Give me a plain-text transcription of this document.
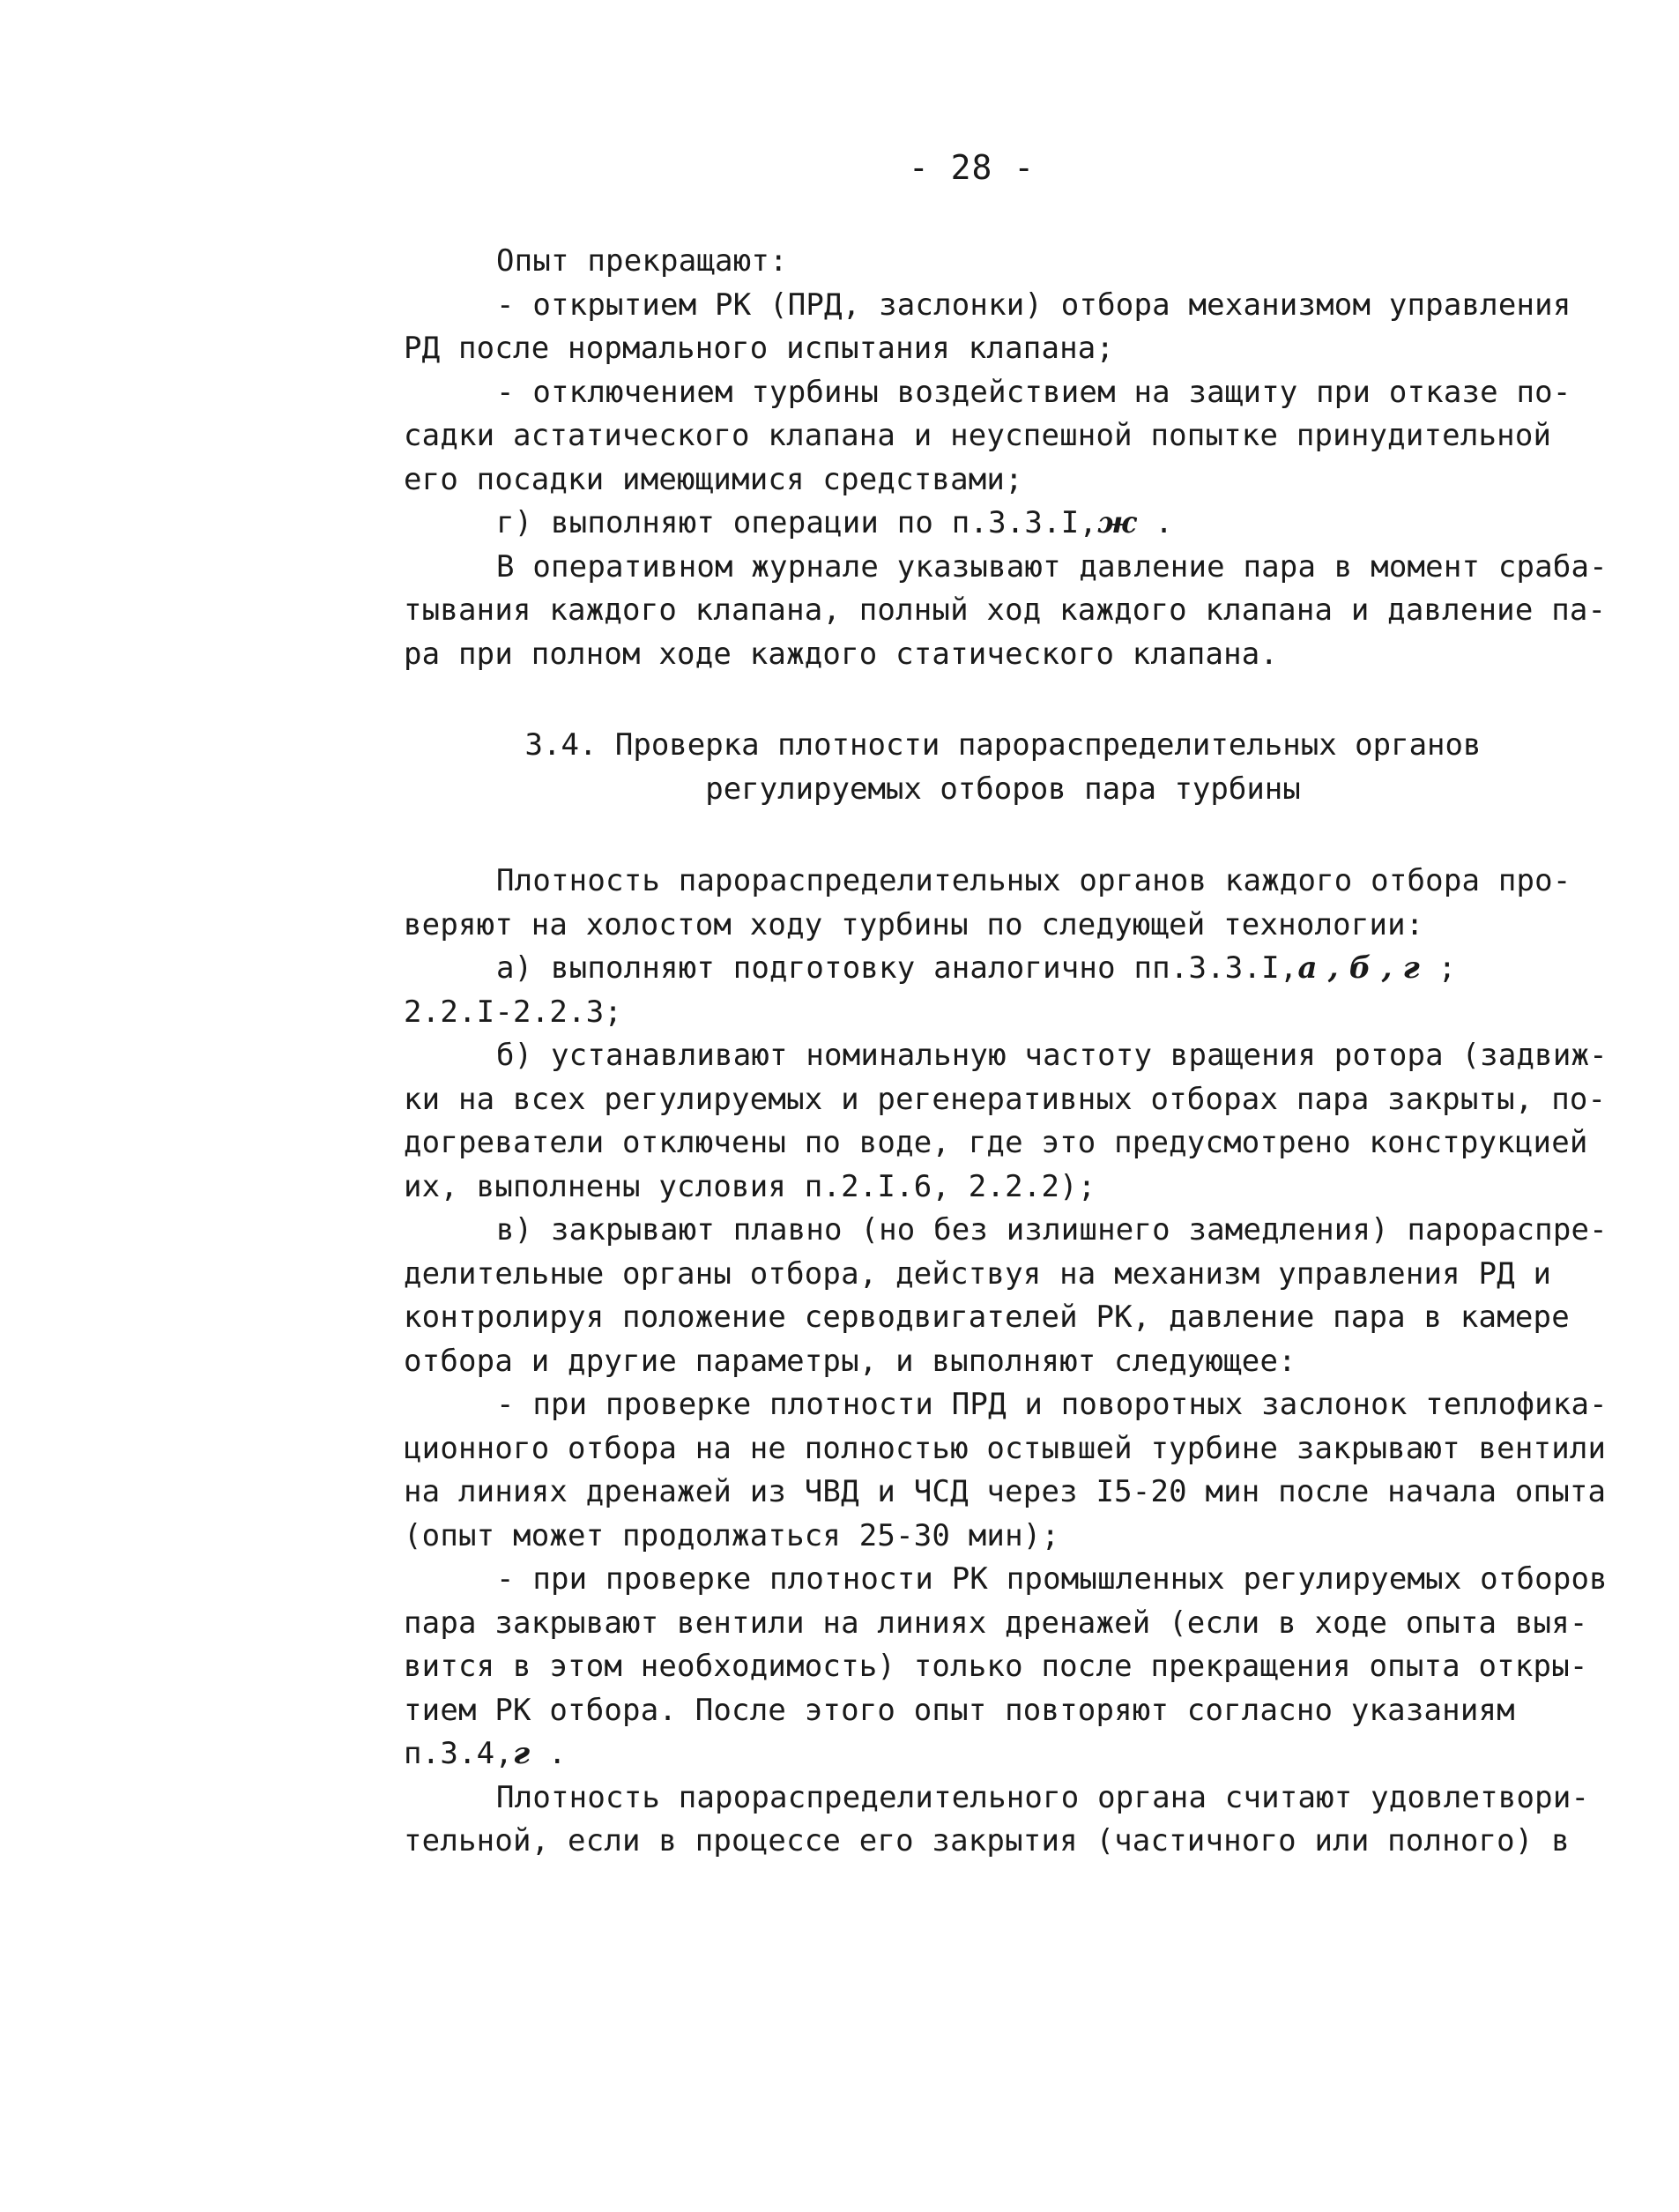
- 28 -
Опыт прекращают:
- открытием РК (ПРД, заслонки) отбора механизмом управления
РД после нормального испытания клапана;
- отключением турбины воздействием на защиту при отказе по-
садки астатического клапана и неуспешной попытке принудительной
его посадки имеющимися средствами;
г) выполняют операции по п.3.3.I,ж .
В оперативном журнале указывают давление пара в момент сраба-
тывания каждого клапана, полный ход каждого клапана и давление па-
ра при полном ходе каждого статического клапана.
3.4. Проверка плотности парораспределительных органов
регулируемых отборов пара турбины
Плотность парораспределительных органов каждого отбора про-
веряют на холостом ходу турбины по следующей технологии:
а) выполняют подготовку аналогично пп.3.3.I,а , б , г ;
2.2.I-2.2.3;
б) устанавливают номинальную частоту вращения ротора (задвиж-
ки на всех регулируемых и регенеративных отборах пара закрыты, по-
догреватели отключены по воде, где это предусмотрено конструкцией
их, выполнены условия п.2.I.6, 2.2.2);
в) закрывают плавно (но без излишнего замедления) парораспре-
делительные органы отбора, действуя на механизм управления РД и
контролируя положение серводвигателей РК, давление пара в камере
отбора и другие параметры, и выполняют следующее:
- при проверке плотности ПРД и поворотных заслонок теплофика-
ционного отбора на не полностью остывшей турбине закрывают вентили
на линиях дренажей из ЧВД и ЧСД через I5-20 мин после начала опыта
(опыт может продолжаться 25-30 мин);
- при проверке плотности РК промышленных регулируемых отборов
пара закрывают вентили на линиях дренажей (если в ходе опыта выя-
вится в этом необходимость) только после прекращения опыта откры-
тием РК отбора. После этого опыт повторяют согласно указаниям
п.3.4,г .
Плотность парораспределительного органа считают удовлетвори-
тельной, если в процессе его закрытия (частичного или полного) в
